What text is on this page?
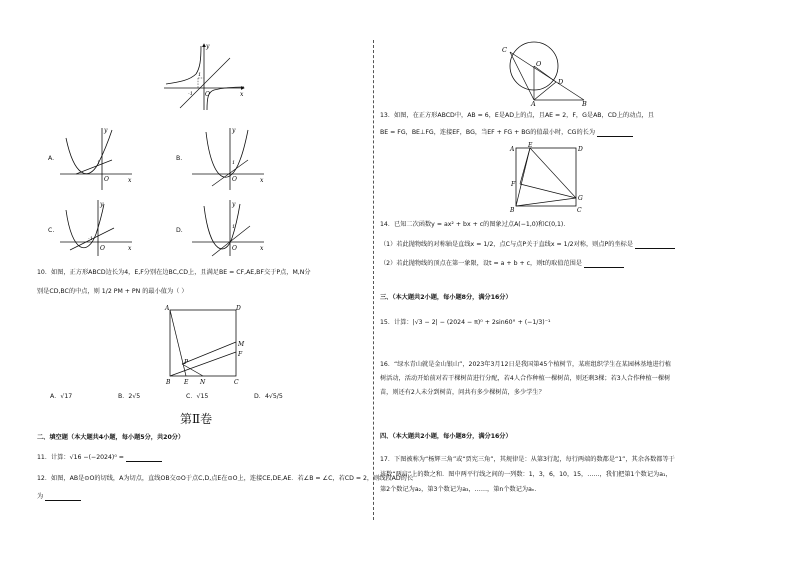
y
x
O
1
-1
A.
y
x
O
1
B.
y
x
O
1
C.
y
x
O
-1
D.
y
x
O
1
10．如图，正方形ABCD边长为4，E,F分别在边BC,CD上，且满足BE = CF,AE,BF交于P点，M,N分
别是CD,BC的中点，则 1/2 PM + PN 的最小值为（ ）
A	D
M
F
P
B E N	C
A．√17	B．2√5	C．√15	D．4√5/5
第Ⅱ卷
二、填空题（本大题共4小题，每小题5分，共20分）
11．计算：√16 −(−2024)⁰ =
12．如图，AB是⊙O的切线，A为切点，直线OB交⊙O于点C,D,点E在⊙O上，连接CE,DE,AE．若∠B = ∠C，若CD = 2，则线段AD的长
为
C
O
D
A	B
13．如图，在正方形ABCD中，AB = 6，E是AD上的点，且AE = 2，F，G是AB，CD上的动点，且
BE = FG，BE⊥FG，连接EF，BG，当EF + FG + BG的值最小时，CG的长为
A
E
D
F
G
B	C
14．已知二次函数y = ax² + bx + c的图象过点A(−1,0)和C(0,1)．
（1）若此抛物线的对称轴是直线x = 1/2，点C与点P关于直线x = 1/2对称，则点P的坐标是
（2）若此抛物线的顶点在第一象限，设t = a + b + c，则t的取值范围是
三、（本大题共2小题，每小题8分，满分16分）
15．计算：|√3 − 2| − (2024 − π)⁰ + 2sin60° + (−1/3)⁻¹
16．“绿水青山就是金山银山”，2023年3月12日是我国第45个植树节，某班组织学生在某园林基地进行植
树活动，活动开始前对若干棵树苗进行分配，若4人合作种植一棵树苗，则还剩3棵；若3人合作种植一棵树
苗，则还有2人未分到树苗，问共有多少棵树苗，多少学生？
四、（本大题共2小题，每小题8分，满分16分）
17．下图被称为“杨辉三角”或“贾宪三角”，其规律是：从第3行起，每行两端的数都是“1”，其余各数都等于
该数“两肩”上的数之和．图中两平行线之间的一列数：1，3，6，10，15，……，我们把第1个数记为a₁，
第2个数记为a₂，第3个数记为a₃，……，第n个数记为aₙ．
